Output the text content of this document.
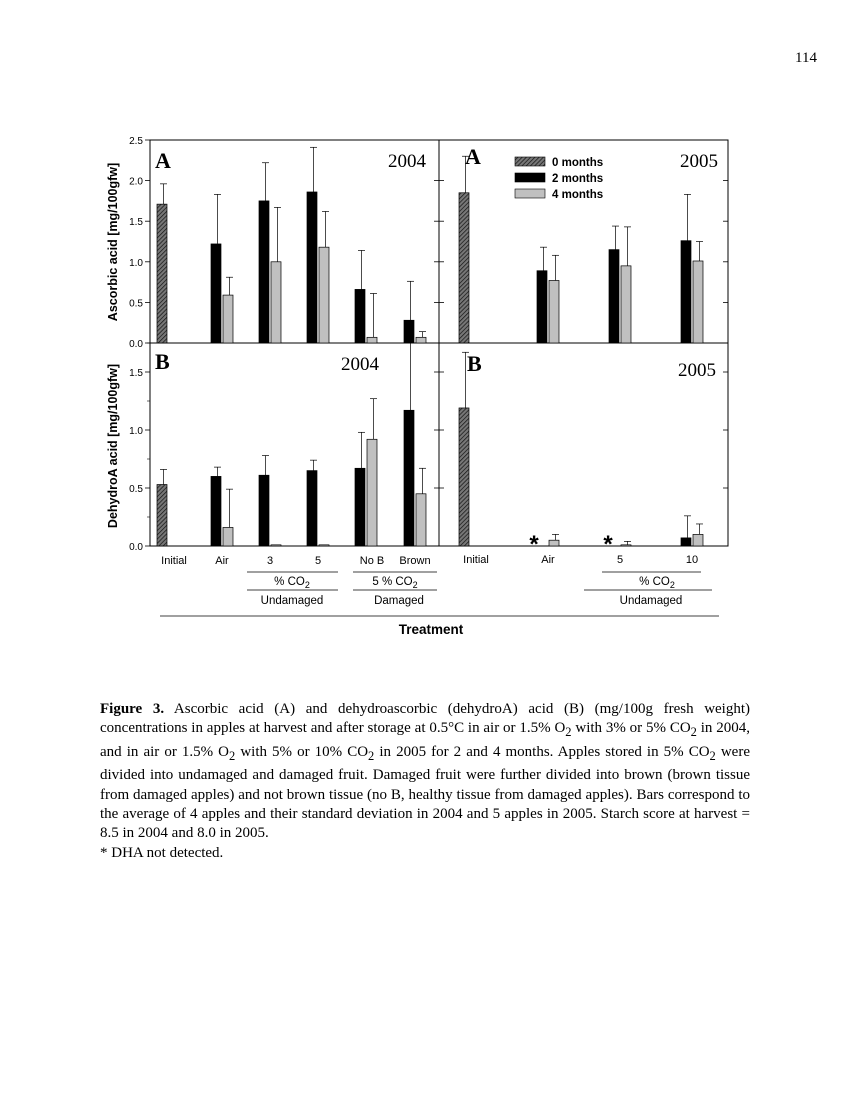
114
0.0
0.5
1.0
1.5
2.0
2.5
0.0
0.5
1.0
1.5
A	2004 A	2005
B	2004	B	2005
0 months
2 months
4 months
Ascorbic acid [mg/100gfw]
DehydroA acid [mg/100gfw]
*	*
Initial	Air	3	5	No B Brown	Initial	Air	5	10
% $CO_2$
Undamaged
5 % $CO_2$
Damaged
% $CO_2$
Undamaged
Treatment
Figure 3. Ascorbic acid (A) and dehydroascorbic (dehydroA) acid (B) (mg/100g fresh weight) concentrations in apples at harvest and after storage at 0.5°C in air or 1.5% $O_2$ with 3% or 5% $CO_2$ in 2004, and in air or 1.5% $O_2$ with 5% or 10% $CO_2$ in 2005 for 2 and 4 months. Apples stored in 5% $CO_2$ were divided into undamaged and damaged fruit. Damaged fruit were further divided into brown (brown tissue from damaged apples) and not brown tissue (no B, healthy tissue from damaged apples). Bars correspond to the average of 4 apples and their standard deviation in 2004 and 5 apples in 2005. Starch score at harvest = 8.5 in 2004 and 8.0 in 2005.
* DHA not detected.
